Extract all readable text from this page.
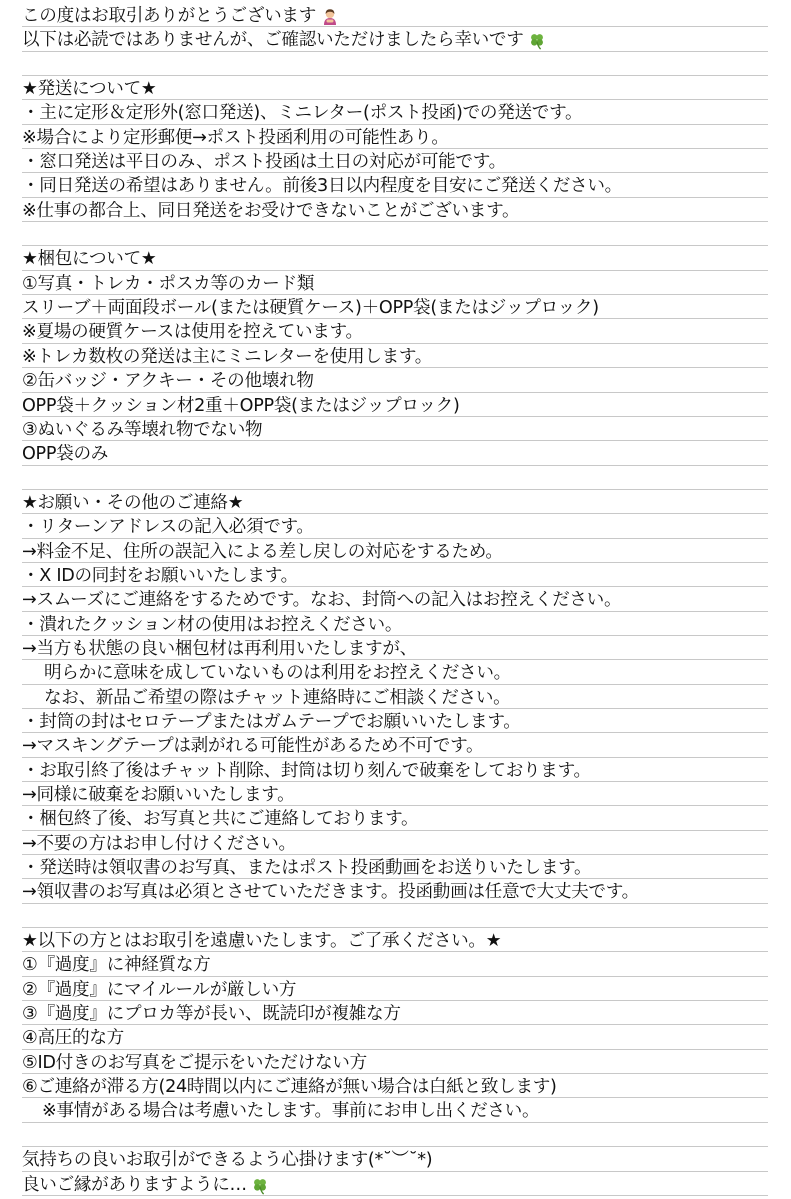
この度はお取引ありがとうございます
以下は必読ではありませんが、ご確認いただけましたら幸いです
★発送について★
・主に定形＆定形外(窓口発送)、ミニレター(ポスト投函)での発送です。
※場合により定形郵便→ポスト投函利用の可能性あり。
・窓口発送は平日のみ、ポスト投函は土日の対応が可能です。
・同日発送の希望はありません。前後3日以内程度を目安にご発送ください。
※仕事の都合上、同日発送をお受けできないことがございます。
★梱包について★
①写真・トレカ・ポスカ等のカード類
スリーブ＋両面段ボール(または硬質ケース)＋OPP袋(またはジップロック)
※夏場の硬質ケースは使用を控えています。
※トレカ数枚の発送は主にミニレターを使用します。
②缶バッジ・アクキー・その他壊れ物
OPP袋＋クッション材2重＋OPP袋(またはジップロック)
③ぬいぐるみ等壊れ物でない物
OPP袋のみ
★お願い・その他のご連絡★
・リターンアドレスの記入必須です。
→料金不足、住所の誤記入による差し戻しの対応をするため。
・X IDの同封をお願いいたします。
→スムーズにご連絡をするためです。なお、封筒への記入はお控えください。
・潰れたクッション材の使用はお控えください。
→当方も状態の良い梱包材は再利用いたしますが、
明らかに意味を成していないものは利用をお控えください。
なお、新品ご希望の際はチャット連絡時にご相談ください。
・封筒の封はセロテープまたはガムテープでお願いいたします。
→マスキングテープは剥がれる可能性があるため不可です。
・お取引終了後はチャット削除、封筒は切り刻んで破棄をしております。
→同様に破棄をお願いいたします。
・梱包終了後、お写真と共にご連絡しております。
→不要の方はお申し付けください。
・発送時は領収書のお写真、またはポスト投函動画をお送りいたします。
→領収書のお写真は必須とさせていただきます。投函動画は任意で大丈夫です。
★以下の方とはお取引を遠慮いたします。ご了承ください。★
①『過度』に神経質な方
②『過度』にマイルールが厳しい方
③『過度』にプロカ等が長い、既読印が複雑な方
④高圧的な方
⑤ID付きのお写真をご提示をいただけない方
⑥ご連絡が滞る方(24時間以内にご連絡が無い場合は白紙と致します)
※事情がある場合は考慮いたします。事前にお申し出ください。
気持ちの良いお取引ができるよう心掛けます(*˘︶˘*)
良いご縁がありますように…
